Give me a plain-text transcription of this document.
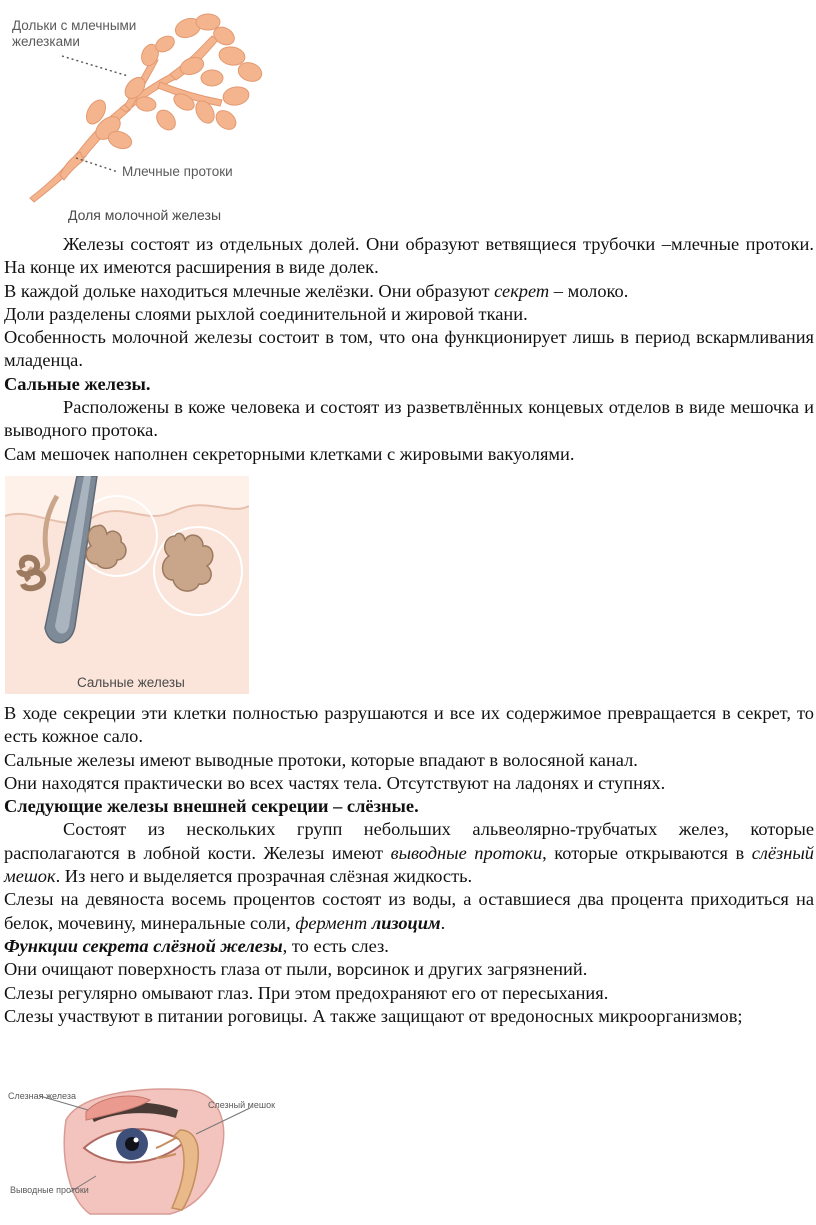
Дольки с млечными железками
Млечные протоки
Доля молочной железы

Железы состоят из отдельных долей. Они образуют ветвящиеся трубочки –млечные протоки. На конце их имеются расширения в виде долек.

В каждой дольке находиться млечные желёзки. Они образуют секрет – молоко.

Доли разделены слоями рыхлой соединительной и жировой ткани.

Особенность молочной железы состоит в том, что она функционирует лишь в период вскармливания младенца.

Сальные железы.

Расположены в коже человека и состоят из разветвлённых концевых отделов в виде мешочка и выводного протока.

Сам мешочек наполнен секреторными клетками с жировыми вакуолями.

Сальные железы

В ходе секреции эти клетки полностью разрушаются и все их содержимое превращается в секрет, то есть кожное сало.

Сальные железы имеют выводные протоки, которые впадают в волосяной канал.

Они находятся практически во всех частях тела. Отсутствуют на ладонях и ступнях.

Следующие железы внешней секреции – слёзные.

Состоят из нескольких групп небольших альвеолярно-трубчатых желез, которые располагаются в лобной кости. Железы имеют выводные протоки, которые открываются в слёзный мешок. Из него и выделяется прозрачная слёзная жидкость.

Слезы на девяноста восемь процентов состоят из воды, а оставшиеся два процента приходиться на белок, мочевину, минеральные соли, фермент лизоцим.

Функции секрета слёзной железы, то есть слез.

Они очищают поверхность глаза от пыли, ворсинок и других загрязнений.

Слезы регулярно омывают глаз. При этом предохраняют его от пересыхания.

Слезы участвуют в питании роговицы. А также защищают от вредоносных микроорганизмов;

Слезная железа
Слезный мешок
Выводные протоки
